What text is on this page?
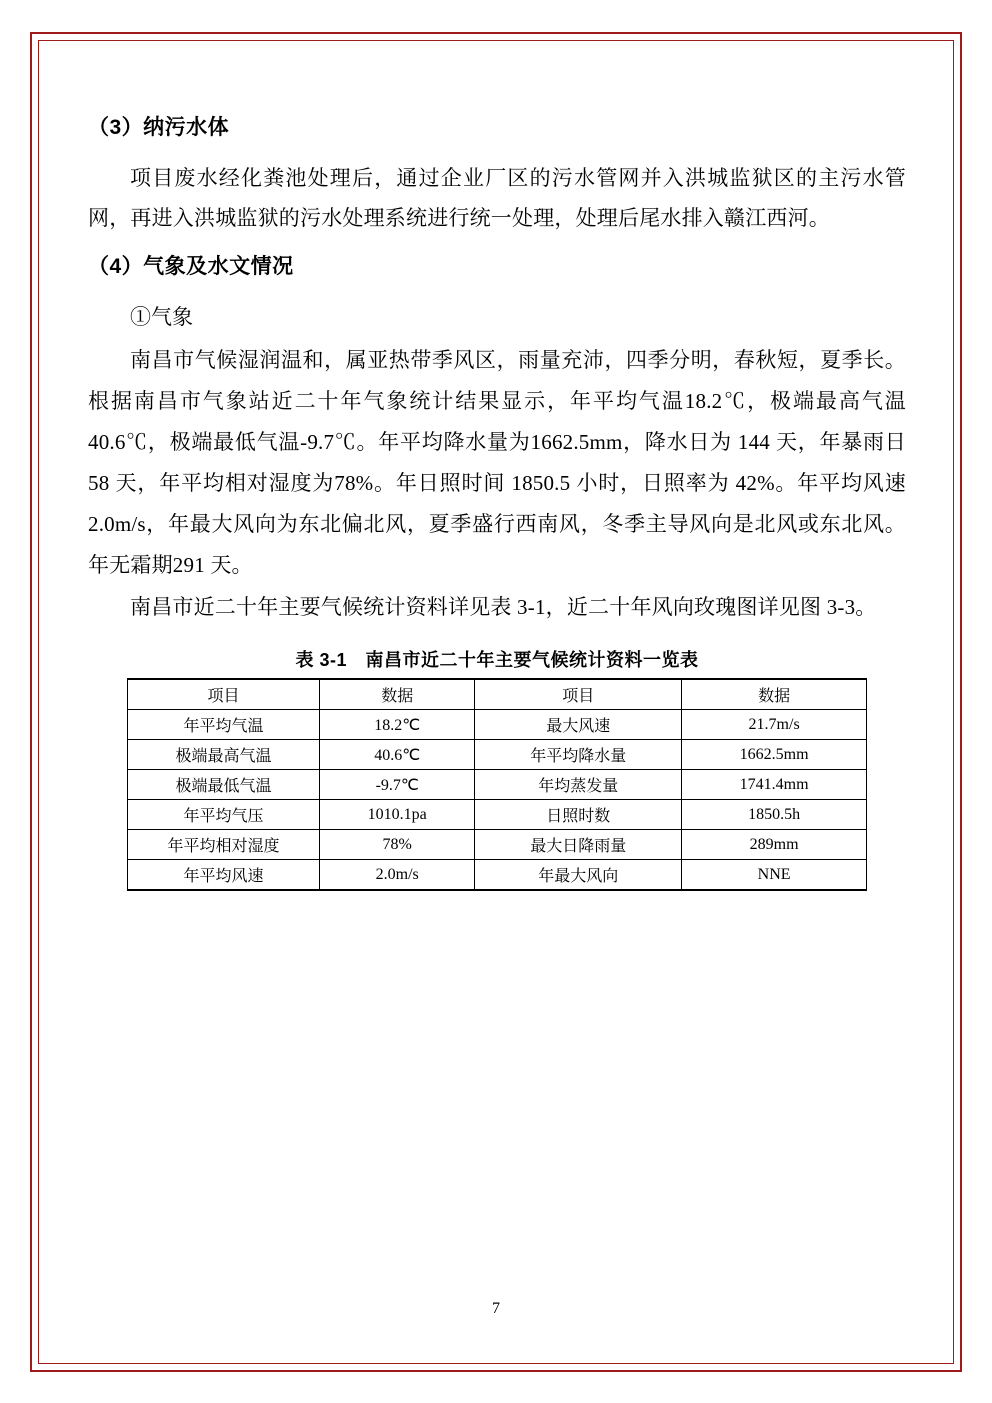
（3）纳污水体

项目废水经化粪池处理后，通过企业厂区的污水管网并入洪城监狱区的主污水管网，再进入洪城监狱的污水处理系统进行统一处理，处理后尾水排入赣江西河。

（4）气象及水文情况

①气象

南昌市气候湿润温和，属亚热带季风区，雨量充沛，四季分明，春秋短，夏季长。根据南昌市气象站近二十年气象统计结果显示，年平均气温18.2℃，极端最高气温 40.6℃，极端最低气温-9.7℃。年平均降水量为1662.5mm，降水日为 144 天，年暴雨日 58 天，年平均相对湿度为78%。年日照时间 1850.5 小时，日照率为 42%。年平均风速 2.0m/s，年最大风向为东北偏北风，夏季盛行西南风，冬季主导风向是北风或东北风。年无霜期291 天。

南昌市近二十年主要气候统计资料详见表 3-1，近二十年风向玫瑰图详见图 3-3。

表 3-1　南昌市近二十年主要气候统计资料一览表
项目	数据	项目	数据
年平均气温	18.2℃	最大风速	21.7m/s
极端最高气温	40.6℃	年平均降水量	1662.5mm
极端最低气温	-9.7℃	年均蒸发量	1741.4mm
年平均气压	1010.1pa	日照时数	1850.5h
年平均相对湿度	78%	最大日降雨量	289mm
年平均风速	2.0m/s	年最大风向	NNE
7
